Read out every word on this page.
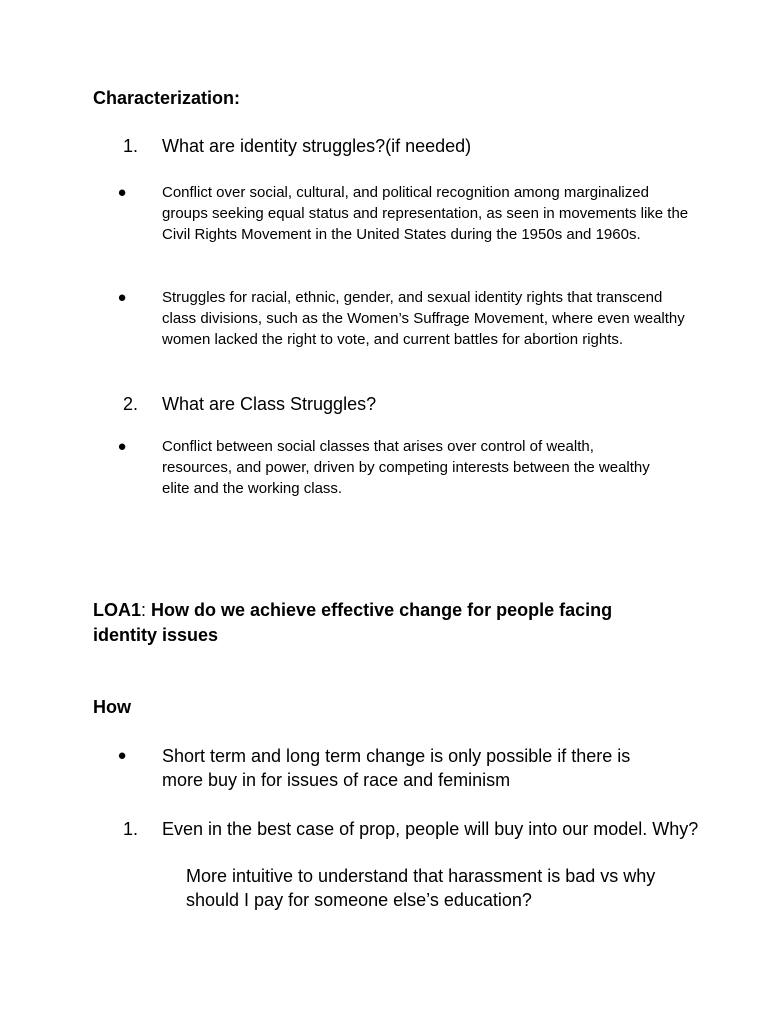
Characterization:
1. What are identity struggles?(if needed)
● Conflict over social, cultural, and political recognition among marginalized groups seeking equal status and representation, as seen in movements like the Civil Rights Movement in the United States during the 1950s and 1960s.
● Struggles for racial, ethnic, gender, and sexual identity rights that transcend class divisions, such as the Women’s Suffrage Movement, where even wealthy women lacked the right to vote, and current battles for abortion rights.
2. What are Class Struggles?
● Conflict between social classes that arises over control of wealth, resources, and power, driven by competing interests between the wealthy elite and the working class.
LOA1: How do we achieve effective change for people facing identity issues
How
● Short term and long term change is only possible if there is more buy in for issues of race and feminism
1. Even in the best case of prop, people will buy into our model. Why?
More intuitive to understand that harassment is bad vs why should I pay for someone else’s education?
